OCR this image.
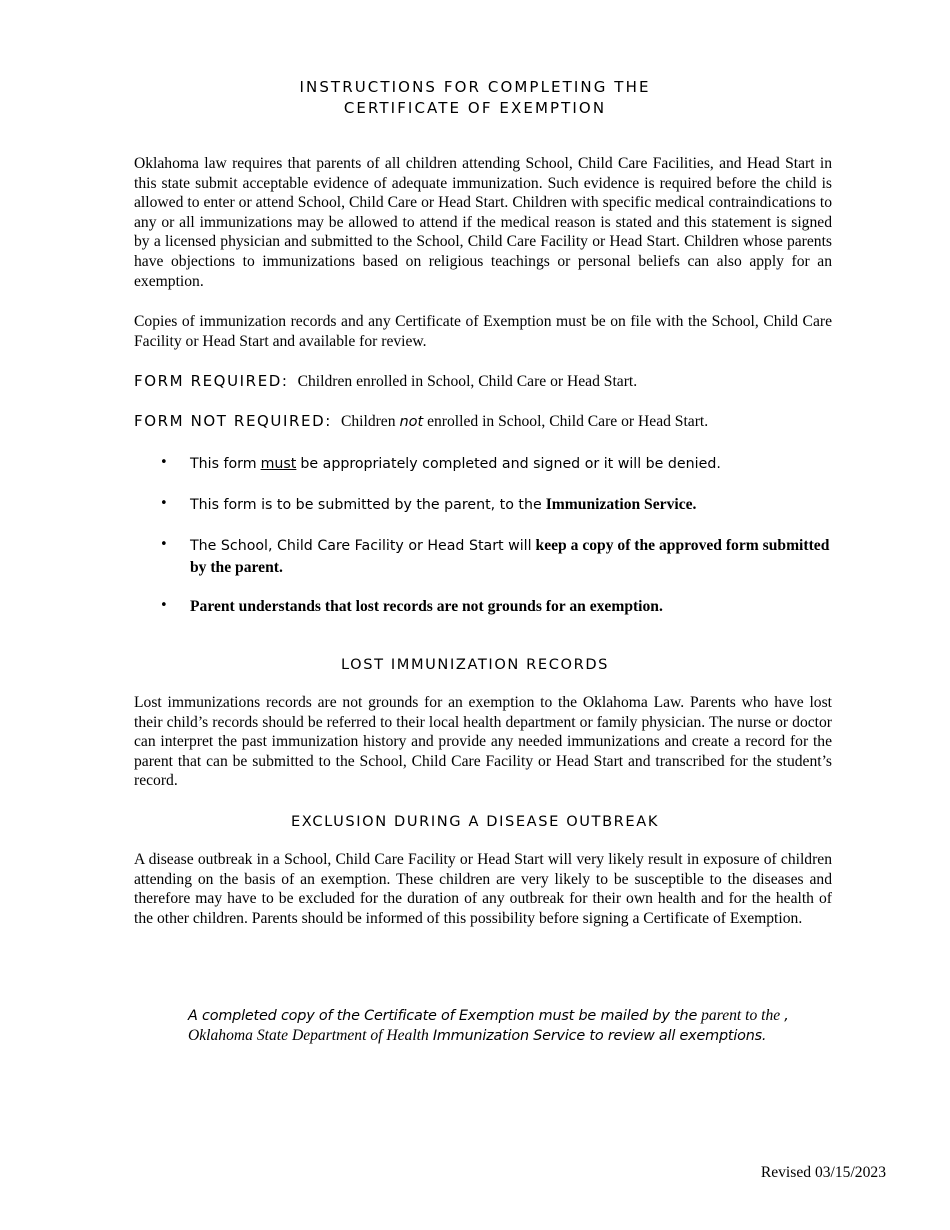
INSTRUCTIONS FOR COMPLETING THE
CERTIFICATE OF EXEMPTION
Oklahoma law requires that parents of all children attending School, Child Care Facilities, and Head Start in this state submit acceptable evidence of adequate immunization. Such evidence is required before the child is allowed to enter or attend School, Child Care or Head Start. Children with specific medical contraindications to any or all immunizations may be allowed to attend if the medical reason is stated and this statement is signed by a licensed physician and submitted to the School, Child Care Facility or Head Start. Children whose parents have objections to immunizations based on religious teachings or personal beliefs can also apply for an exemption.
Copies of immunization records and any Certificate of Exemption must be on file with the School, Child Care Facility or Head Start and available for review.
FORM REQUIRED: Children enrolled in School, Child Care or Head Start.
FORM NOT REQUIRED: Children not enrolled in School, Child Care or Head Start.
• This form must be appropriately completed and signed or it will be denied.
• This form is to be submitted by the parent, to the Immunization Service.
• The School, Child Care Facility or Head Start will keep a copy of the approved form submitted by the parent.
• Parent understands that lost records are not grounds for an exemption.
LOST IMMUNIZATION RECORDS
Lost immunizations records are not grounds for an exemption to the Oklahoma Law. Parents who have lost their child’s records should be referred to their local health department or family physician. The nurse or doctor can interpret the past immunization history and provide any needed immunizations and create a record for the parent that can be submitted to the School, Child Care Facility or Head Start and transcribed for the student’s record.
EXCLUSION DURING A DISEASE OUTBREAK
A disease outbreak in a School, Child Care Facility or Head Start will very likely result in exposure of children attending on the basis of an exemption. These children are very likely to be susceptible to the diseases and therefore may have to be excluded for the duration of any outbreak for their own health and for the health of the other children. Parents should be informed of this possibility before signing a Certificate of Exemption.
A completed copy of the Certificate of Exemption must be mailed by the parent to the ,
Oklahoma State Department of Health Immunization Service to review all exemptions.
Revised 03/15/2023
